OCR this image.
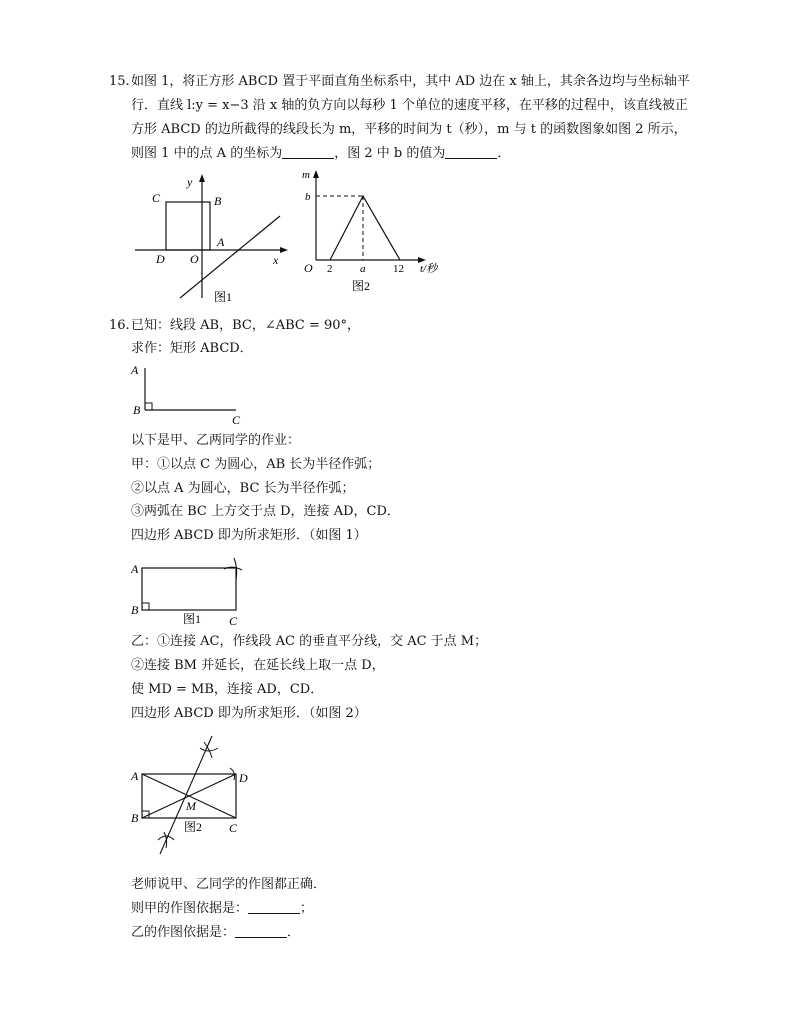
15. 如图 1，将正方形 ABCD 置于平面直角坐标系中，其中 AD 边在 x 轴上，其余各边均与坐标轴平
行．直线 l:y = x−3 沿 x 轴的负方向以每秒 1 个单位的速度平移，在平移的过程中，该直线被正
方形 ABCD 的边所截得的线段长为 m，平移的时间为 t（秒），m 与 t 的函数图象如图 2 所示，
则图 1 中的点 A 的坐标为	，图 2 中 b 的值为	．
C	B
D O
A
y
x
图1
m
b
O 2	a	12 t/秒
图2
16. 已知：线段 AB，BC，∠ABC = 90°，
求作：矩形 ABCD．
A
B
C
以下是甲、乙两同学的作业：
甲：①以点 C 为圆心，AB 长为半径作弧；
②以点 A 为圆心，BC 长为半径作弧；
③两弧在 BC 上方交于点 D，连接 AD，CD．
四边形 ABCD 即为所求矩形．（如图 1）
A
B
C
图1
乙：①连接 AC，作线段 AC 的垂直平分线，交 AC 于点 M；
②连接 BM 并延长，在延长线上取一点 D，
使 MD = MB，连接 AD，CD．
四边形 ABCD 即为所求矩形．（如图 2）
A
B
C
D
M
图2
老师说甲、乙同学的作图都正确．
则甲的作图依据是：	；
乙的作图依据是：	．
